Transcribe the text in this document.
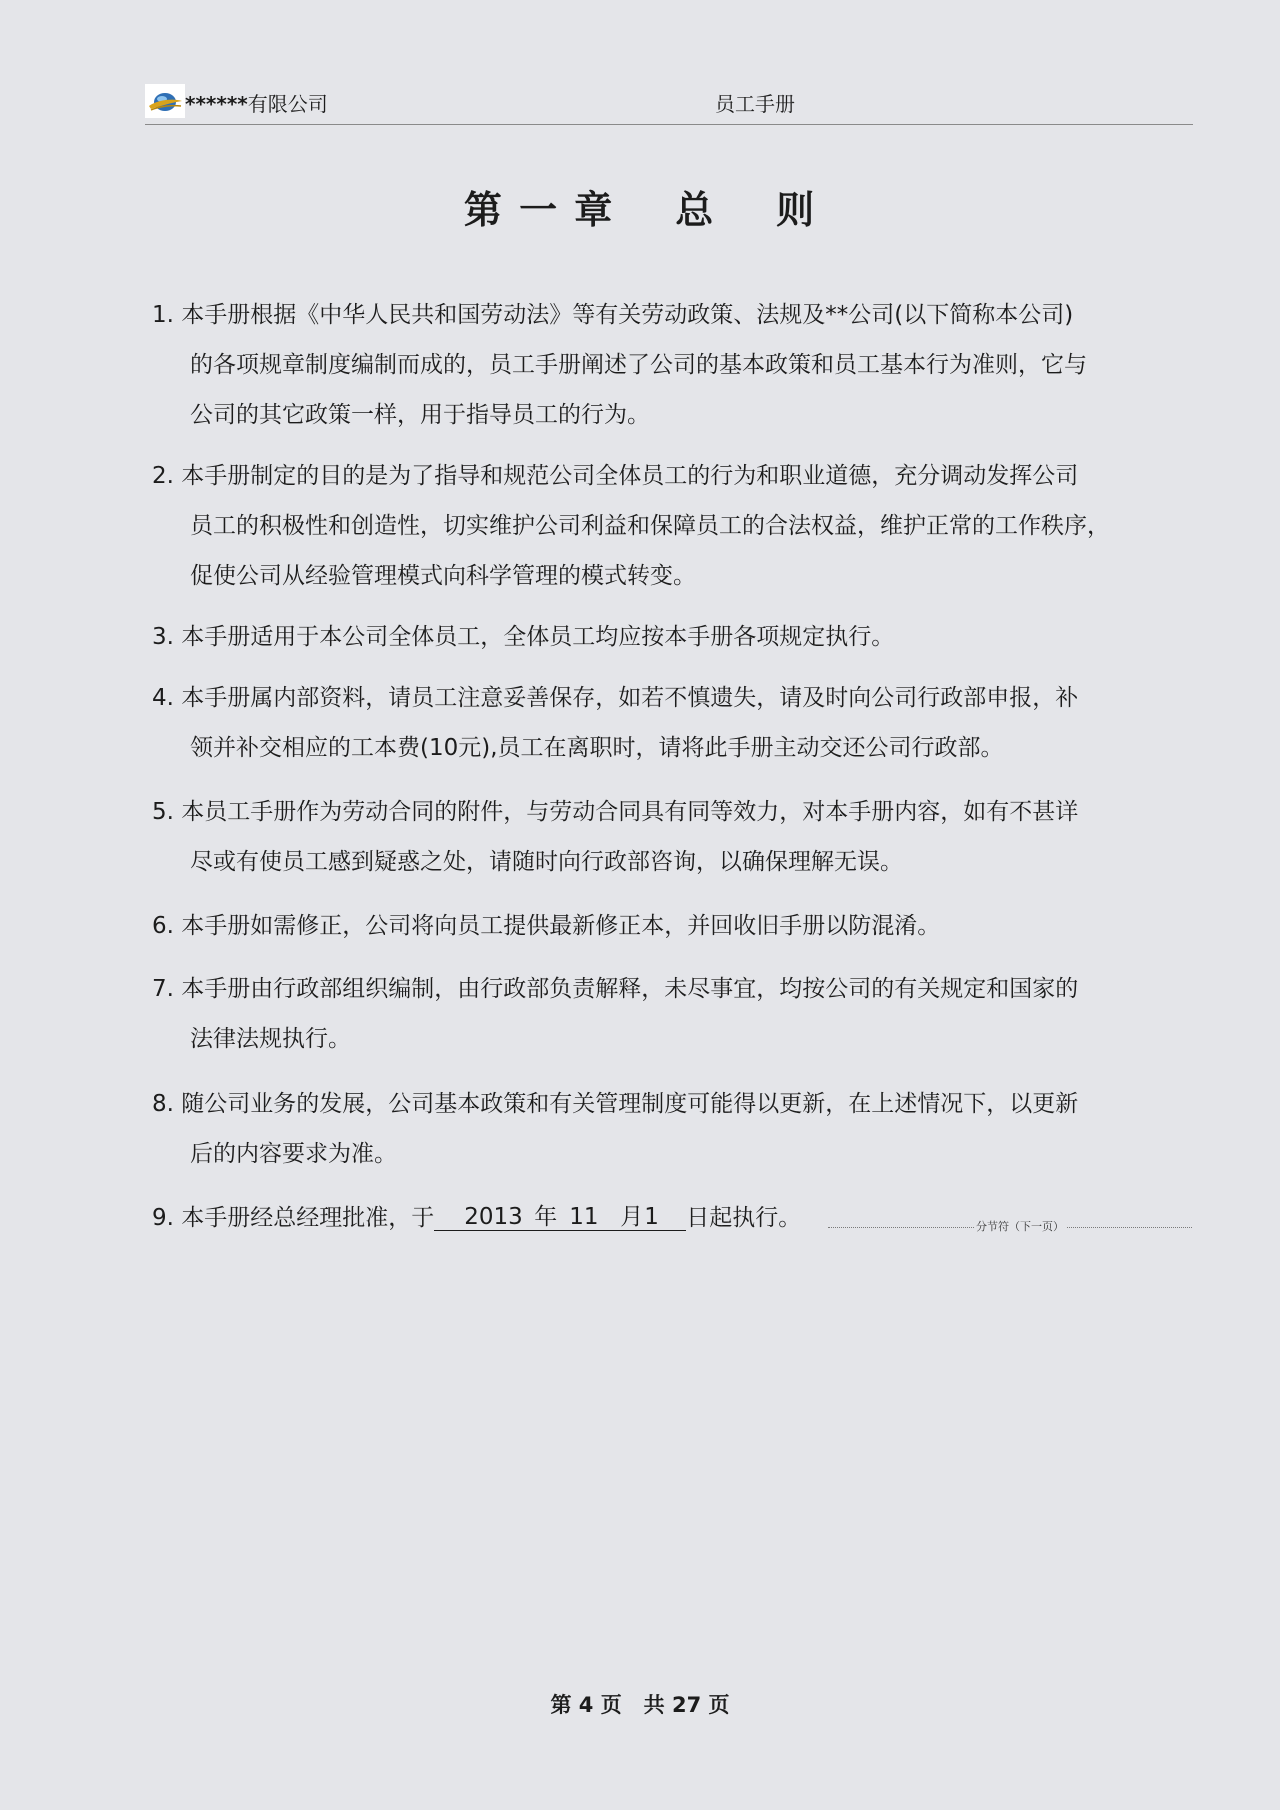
******有限公司	员工手册
第 一 章    总    则
1. 本手册根据《中华人民共和国劳动法》等有关劳动政策、法规及**公司(以下简称本公司)
的各项规章制度编制而成的，员工手册阐述了公司的基本政策和员工基本行为准则，它与
公司的其它政策一样，用于指导员工的行为。
2. 本手册制定的目的是为了指导和规范公司全体员工的行为和职业道德，充分调动发挥公司
员工的积极性和创造性，切实维护公司利益和保障员工的合法权益，维护正常的工作秩序，
促使公司从经验管理模式向科学管理的模式转变。
3. 本手册适用于本公司全体员工，全体员工均应按本手册各项规定执行。
4. 本手册属内部资料，请员工注意妥善保存，如若不慎遗失，请及时向公司行政部申报，补
领并补交相应的工本费(10元),员工在离职时，请将此手册主动交还公司行政部。
5. 本员工手册作为劳动合同的附件，与劳动合同具有同等效力，对本手册内容，如有不甚详
尽或有使员工感到疑惑之处，请随时向行政部咨询，以确保理解无误。
6. 本手册如需修正，公司将向员工提供最新修正本，并回收旧手册以防混淆。
7. 本手册由行政部组织编制，由行政部负责解释，未尽事宜，均按公司的有关规定和国家的
法律法规执行。
8. 随公司业务的发展，公司基本政策和有关管理制度可能得以更新，在上述情况下，以更新
后的内容要求为准。
9. 本手册经总经理批准，于 2013 年 11 月 1 日起执行。	分节符（下一页）
第 4 页   共 27 页
